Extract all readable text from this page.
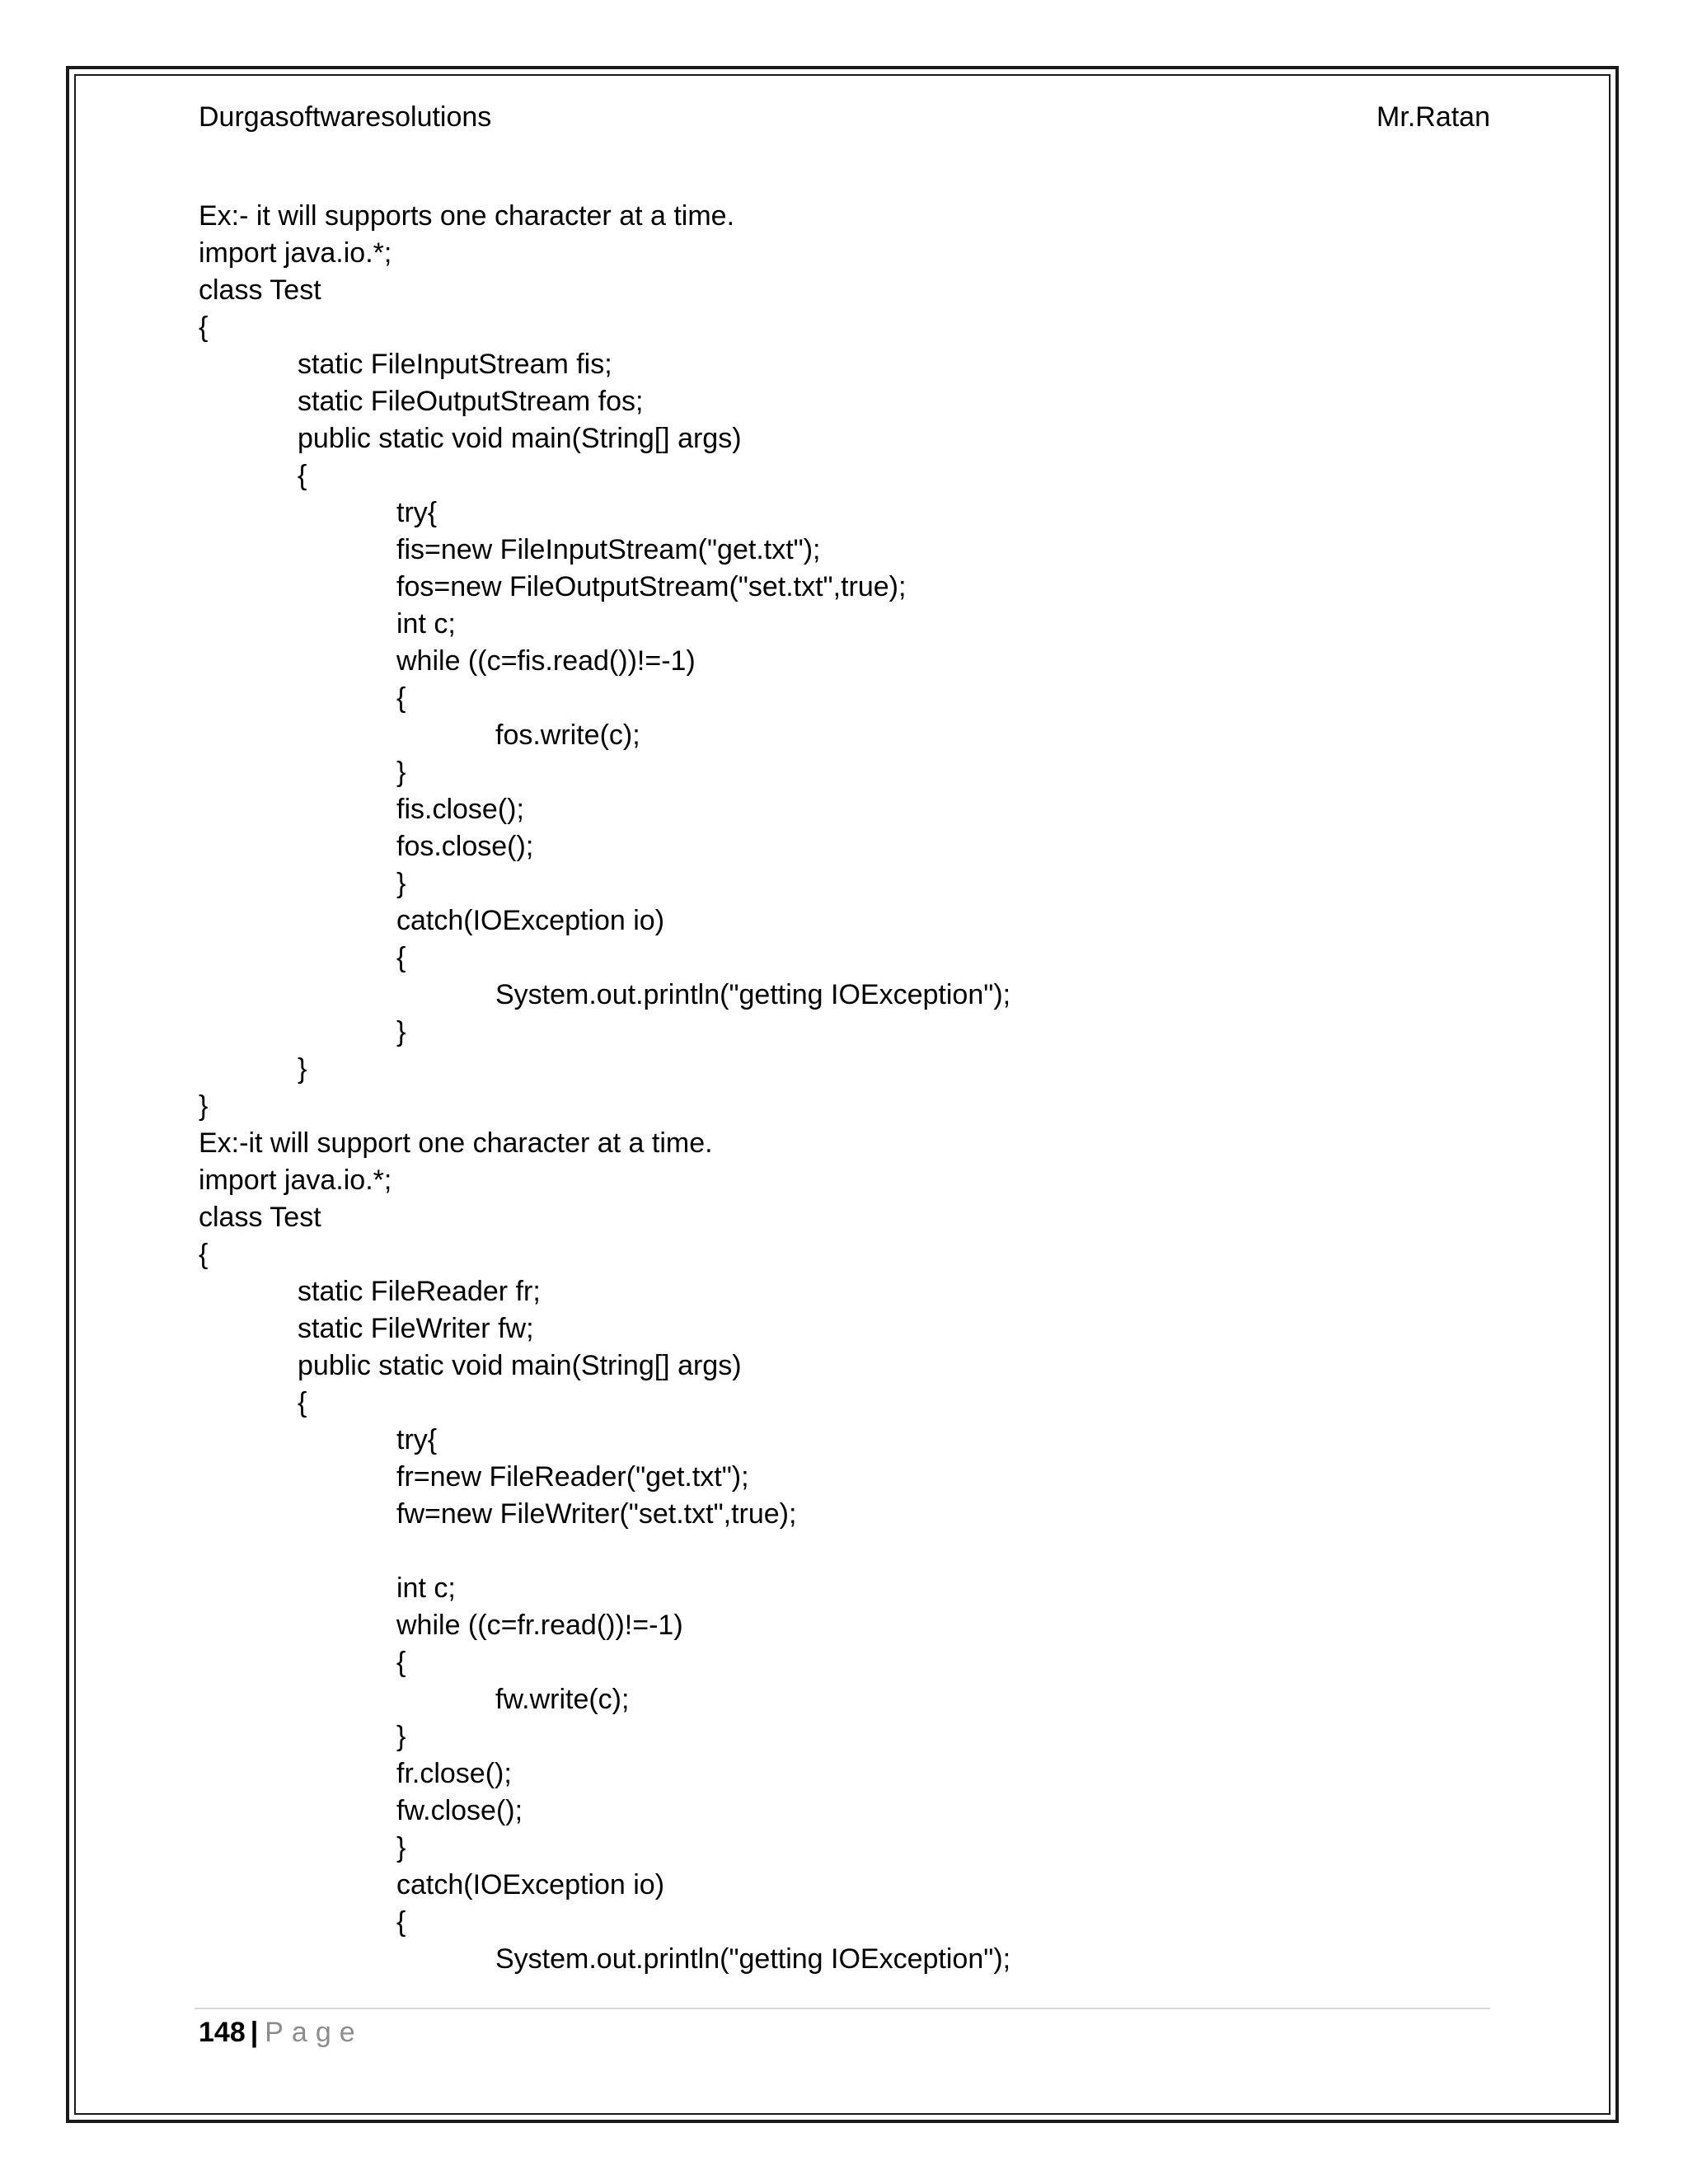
Durgasoftwaresolutions	Mr.Ratan
Ex:- it will supports one character at a time.
import java.io.*;
class Test
{
static FileInputStream fis;
static FileOutputStream fos;
public static void main(String[] args)
{
try{
fis=new FileInputStream("get.txt");
fos=new FileOutputStream("set.txt",true);
int c;
while ((c=fis.read())!=-1)
{
fos.write(c);
}
fis.close();
fos.close();
}
catch(IOException io)
{
System.out.println("getting IOException");
}
}
}
Ex:-it will support one character at a time.
import java.io.*;
class Test
{
static FileReader fr;
static FileWriter fw;
public static void main(String[] args)
{
try{
fr=new FileReader("get.txt");
fw=new FileWriter("set.txt",true);
int c;
while ((c=fr.read())!=-1)
{
fw.write(c);
}
fr.close();
fw.close();
}
catch(IOException io)
{
System.out.println("getting IOException");
148 | Page
